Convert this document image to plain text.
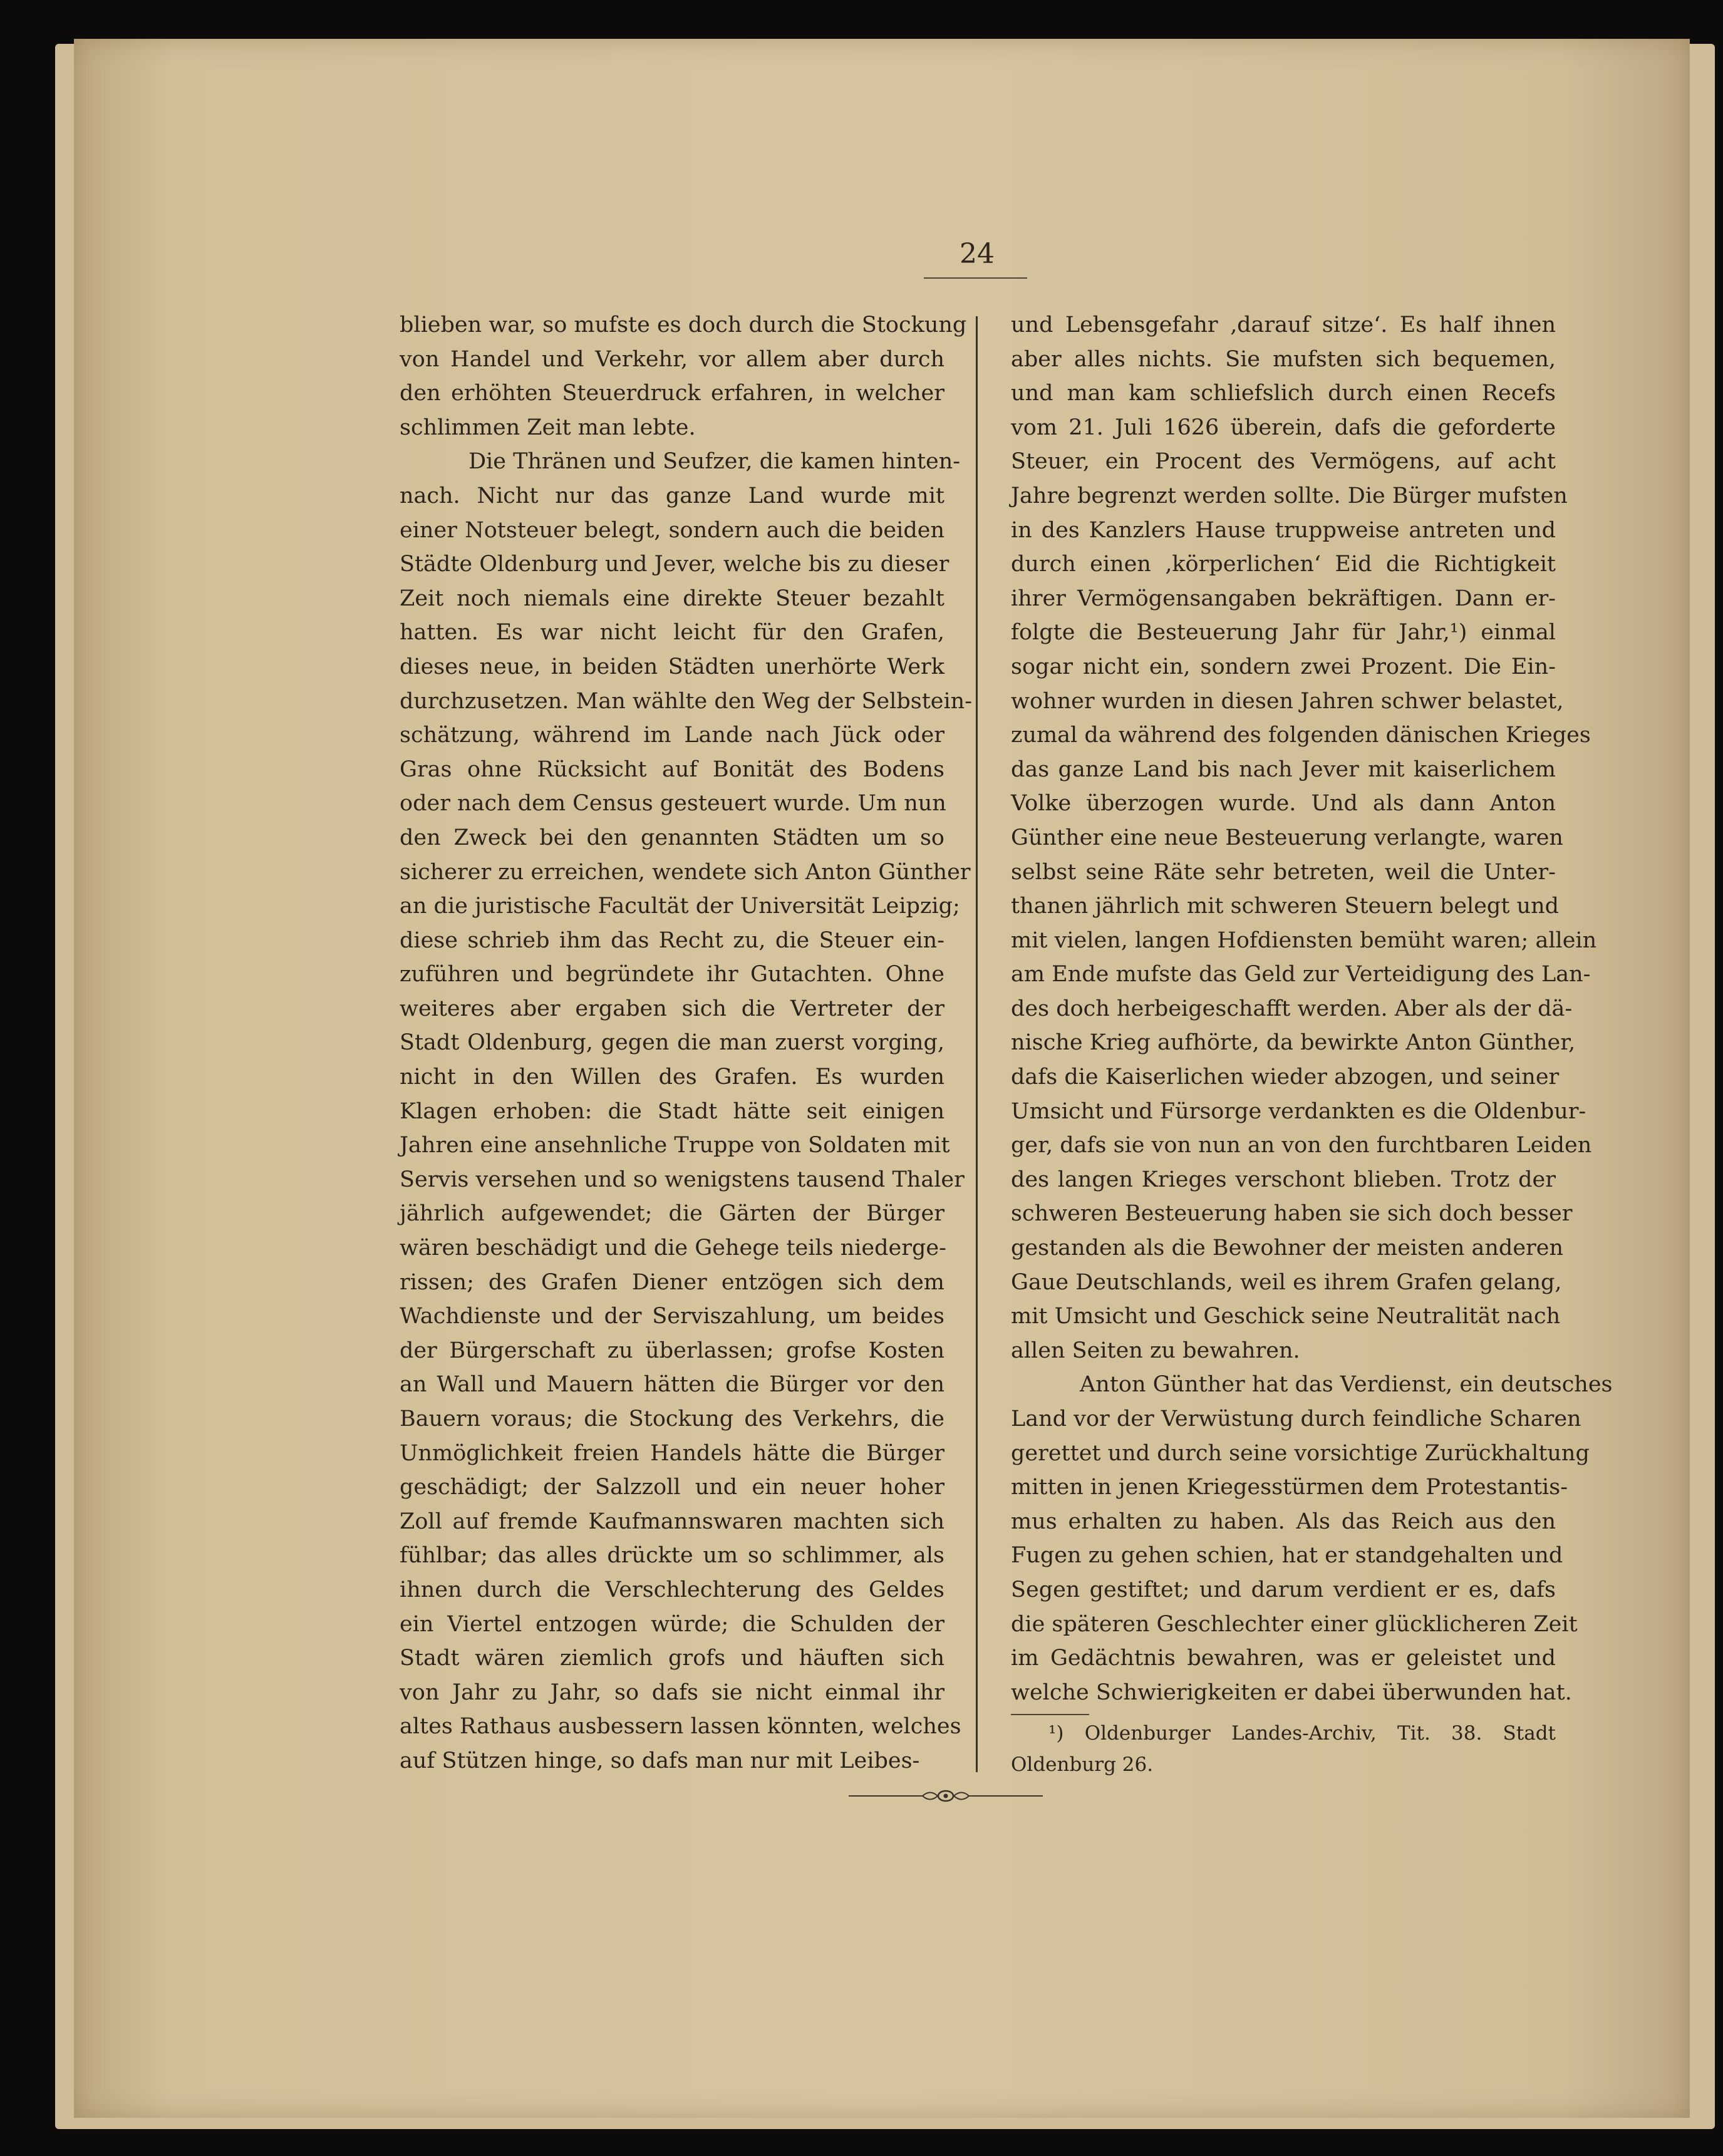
24
blieben war, so mufste es doch durch die Stockung
von Handel und Verkehr, vor allem aber durch
den erhöhten Steuerdruck erfahren, in welcher
schlimmen Zeit man lebte.
Die Thränen und Seufzer, die kamen hinten-
nach. Nicht nur das ganze Land wurde mit
einer Notsteuer belegt, sondern auch die beiden
Städte Oldenburg und Jever, welche bis zu dieser
Zeit noch niemals eine direkte Steuer bezahlt
hatten. Es war nicht leicht für den Grafen,
dieses neue, in beiden Städten unerhörte Werk
durchzusetzen. Man wählte den Weg der Selbstein-
schätzung, während im Lande nach Jück oder
Gras ohne Rücksicht auf Bonität des Bodens
oder nach dem Census gesteuert wurde. Um nun
den Zweck bei den genannten Städten um so
sicherer zu erreichen, wendete sich Anton Günther
an die juristische Facultät der Universität Leipzig;
diese schrieb ihm das Recht zu, die Steuer ein-
zuführen und begründete ihr Gutachten. Ohne
weiteres aber ergaben sich die Vertreter der
Stadt Oldenburg, gegen die man zuerst vorging,
nicht in den Willen des Grafen. Es wurden
Klagen erhoben: die Stadt hätte seit einigen
Jahren eine ansehnliche Truppe von Soldaten mit
Servis versehen und so wenigstens tausend Thaler
jährlich aufgewendet; die Gärten der Bürger
wären beschädigt und die Gehege teils niederge-
rissen; des Grafen Diener entzögen sich dem
Wachdienste und der Serviszahlung, um beides
der Bürgerschaft zu überlassen; grofse Kosten
an Wall und Mauern hätten die Bürger vor den
Bauern voraus; die Stockung des Verkehrs, die
Unmöglichkeit freien Handels hätte die Bürger
geschädigt; der Salzzoll und ein neuer hoher
Zoll auf fremde Kaufmannswaren machten sich
fühlbar; das alles drückte um so schlimmer, als
ihnen durch die Verschlechterung des Geldes
ein Viertel entzogen würde; die Schulden der
Stadt wären ziemlich grofs und häuften sich
von Jahr zu Jahr, so dafs sie nicht einmal ihr
altes Rathaus ausbessern lassen könnten, welches
auf Stützen hinge, so dafs man nur mit Leibes-
und Lebensgefahr ‚darauf sitze‘. Es half ihnen
aber alles nichts. Sie mufsten sich bequemen,
und man kam schliefslich durch einen Recefs
vom 21. Juli 1626 überein, dafs die geforderte
Steuer, ein Procent des Vermögens, auf acht
Jahre begrenzt werden sollte. Die Bürger mufsten
in des Kanzlers Hause truppweise antreten und
durch einen ‚körperlichen‘ Eid die Richtigkeit
ihrer Vermögensangaben bekräftigen. Dann er-
folgte die Besteuerung Jahr für Jahr,¹) einmal
sogar nicht ein, sondern zwei Prozent. Die Ein-
wohner wurden in diesen Jahren schwer belastet,
zumal da während des folgenden dänischen Krieges
das ganze Land bis nach Jever mit kaiserlichem
Volke überzogen wurde. Und als dann Anton
Günther eine neue Besteuerung verlangte, waren
selbst seine Räte sehr betreten, weil die Unter-
thanen jährlich mit schweren Steuern belegt und
mit vielen, langen Hofdiensten bemüht waren; allein
am Ende mufste das Geld zur Verteidigung des Lan-
des doch herbeigeschafft werden. Aber als der dä-
nische Krieg aufhörte, da bewirkte Anton Günther,
dafs die Kaiserlichen wieder abzogen, und seiner
Umsicht und Fürsorge verdankten es die Oldenbur-
ger, dafs sie von nun an von den furchtbaren Leiden
des langen Krieges verschont blieben. Trotz der
schweren Besteuerung haben sie sich doch besser
gestanden als die Bewohner der meisten anderen
Gaue Deutschlands, weil es ihrem Grafen gelang,
mit Umsicht und Geschick seine Neutralität nach
allen Seiten zu bewahren.
Anton Günther hat das Verdienst, ein deutsches
Land vor der Verwüstung durch feindliche Scharen
gerettet und durch seine vorsichtige Zurückhaltung
mitten in jenen Kriegesstürmen dem Protestantis-
mus erhalten zu haben. Als das Reich aus den
Fugen zu gehen schien, hat er standgehalten und
Segen gestiftet; und darum verdient er es, dafs
die späteren Geschlechter einer glücklicheren Zeit
im Gedächtnis bewahren, was er geleistet und
welche Schwierigkeiten er dabei überwunden hat.
¹) Oldenburger Landes-Archiv, Tit. 38. Stadt
Oldenburg 26.
